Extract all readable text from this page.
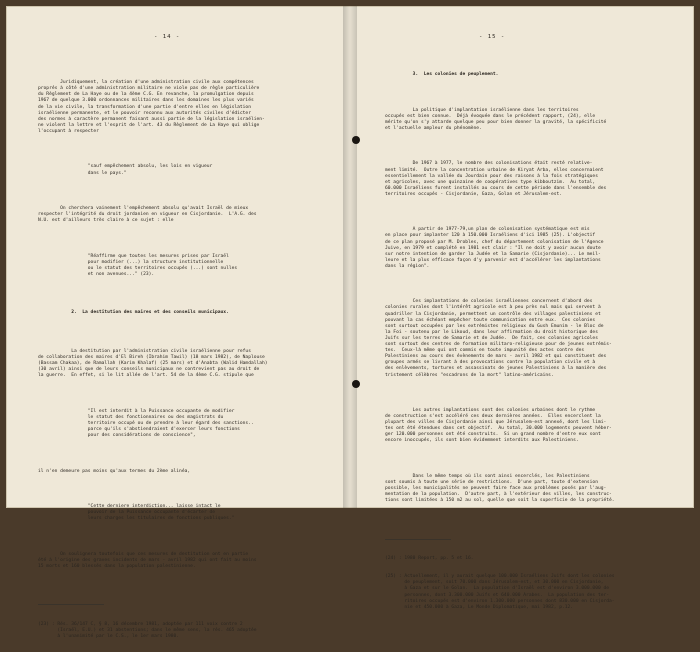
- 14 -

Juridiquement, la création d'une administration civile aux compétences
proprés à côté d'une administration militaire ne viole pas de règle particulière
du Règlement de La Haye ou de la 4ème C.G. En revanche, la promulgation depuis
1967 de quelque 3.000 ordonnances militaires dans les domaines les plus variés
de la vie civile, la transformation d'une partie d'entre elles en législation
israélienne permanente, et le pouvoir reconnu aux autorités civiles d'édicter
des normes à caractère permanent faisant aussi partie de la législation israélien-
ne violent la lettre et l'esprit de l'art. 43 du Règlement de La Haye qui oblige
l'occupant à respecter

"sauf empêchement absolu, les lois en vigueur
dans le pays."

On cherchera vainement l'empêchement absolu qu'avait Israël de mieux
respecter l'intégrité du droit jordanien en vigueur en Cisjordanie.  L'A.G. des
N.U. est d'ailleurs très claire à ce sujet : elle

"Réaffirme que toutes les mesures prises par Israël
pour modifier (...) la structure institutionnelle
ou le statut des territoires occupés (...) sont nulles
et non avenues..." (23).

2.  La destitution des maires et des conseils municipaux.

La destitution par l'administration civile israélienne pour refus
de collaboration des maires d'El Bireh (Ibrahim Tawil) (18 mars 1982), de Naplouse
(Bassam Chakaa), de Ramallah (Karim Khalaf) (25 mars) et d'Anabta (Walid Hamdallah)
(30 avril) ainsi que de leurs conseils municipaux ne contrevient pas au droit de
la guerre.  En effet, si le lit allée de l'art. 54 de la 4ème C.G. stipule que

"Il est interdit à la Puissance occupante de modifier
le statut des fonctionnaires ou des magistrats du
territoire occupé ou de prendre à leur égard des sanctions..
parce qu'ils s'abstiendraient d'exercer leurs fonctions
pour des considérations de conscience",

il n'en demeure pas moins qu'aux termes du 2ème alinéa,

"Cette derniere interdiction... laisse intact le
pouvoir de la Puissance occupante d'écarter de
leurs charges les titulaires de fonctions publiques."

On soulignera toutefois que ces mesures de destitution ont en partie
été à l'origine des graves incidents de mars - avril 1982 qui ont fait au moins
15 morts et 160 blessés dans la population palestinienne.

(23) : Rés. 36/147 C, § 8, 16 décembre 1981, adoptée par 111 voix contre 2
(Israël, E.U.) et 31 abstentions; dans le même sens, la rés. 465 adoptée
à l'unanimité par le C.S., le 1er mars 1980.

- 15 -

3.  Les colonies de peuplement.

La politique d'implantation israélienne dans les territoires
occupés est bien connue.  Déjà évoquée dans le précédent rapport, (24), elle
mérite qu'on s'y attarde quelque peu pour bien donner la gravité, la spécificité
et l'actuelle ampleur du phénomène.

De 1967 à 1977, le nombre des colonisations était resté relative-
ment limité.  Outre la concentration urbaine de Kiryat Arba, elles concernaient
essentiellement la vallée du Jourdain pour des raisons à la fois stratégiques
et agricoles, avec une quinzaine de coopératives type kibboutzim.  Au total,
60.000 Israéliens furent installés au cours de cette période dans l'ensemble des
territoires occupés - Cisjordanie, Gaza, Golan et Jérusalem-est.

A partir de 1977-79,un plan de colonisation systématique est mis
en place pour implanter 120 à 150.000 Israéliens d'ici 1985 (25). L'objectif
de ce plan proposé par M. Drobles, chef du département colonisation de l'Agence
Juive, en 1979 et complété en 1981 est clair : "Il ne doit y avoir aucun doute
sur notre intention de garder la Judée et la Samarie (Cisjordanie)... Le meil-
leure et la plus efficace façon d'y parvenir est d'accélérer les implantations
dans la région".

Ces implantations de colonies israéliennes concernent d'abord des
colonies rurales dont l'intérêt agricole est à peu près nul mais qui servent à
quadriller la Cisjordanie, permettent un contrôle des villages palestiniens et
pouvant la cas échéant empêcher toute communication entre eux.  Ces colonies
sont surtout occupées par les extrémistes religieux du Gush Emunim - le Bloc de
la Foi - soutenu par le Likoud, dans leur affirmation du droit historique des
Juifs sur les terres de Samarie et de Judée.  De fait, ces colonies agricoles
sont surtout des centres de formation militaro-religieuse pour de jeunes extrémis-
tes.  Ceux-là même qui ont commis en toute impunité des actes contre des
Palestiniens au cours des évènements de mars - avril 1982 et qui constituent des
groupes armés se livrant à des provocations contre la population civile et à
des enlèvements, tortures et assassinats de jeunes Palestiniens à la manière des
tristement célèbres "escadrons de la mort" latino-américains.

Les autres implantations sont des colonies urbaines dont le rythme
de construction s'est accéléré ces deux dernières années.  Elles encerclent la
plupart des villes de Cisjordanie ainsi que Jérusalem-est annexé, dont les limi-
tes ont été étendues dans cet objectif.  Au total, 30.000 logements peuvent héber-
ger 120.000 personnes ont été construits.  Si un grand nombre d'entre eux sont
encore inoccupés, ils sont bien évidemment interdits aux Palestiniens.

Dans le même temps où ils sont ainsi encerclés, les Palestiniens
sont soumis à toute une série de restrictions.  D'une part, toute d'extension
possible, les municipalités ne peuvent faire face aux problèmes posés par l'aug-
mentation de la population.  D'autre part, à l'extérieur des villes, les construc-
tions sont limitées à 150 m2 au sol, quelle que soit la superficie de la propriété.

(24) : 1980 Report, pp. 5 et 16.

(25) : Actuellement, il y aurait quelque 100.000 Israéliens Juifs dont les colonies
de peuplement, soit 70.000 dans Jérusalem-est, et 30.000 en Cisjordanie,
à Gaza et sur le Golan.  La population d'Israël est d'environ 3.000.000 de
personnes, dont 3.300.000 Juifs et 640.000 Arabes.  La population des ter-
ritoires occupés est d'environ 1.300.000 personnes dont 830.000 en Cisjorda-
nie et 450.000 à Gaza, Le Monde Diplomatique, mai 1982, p.12.
